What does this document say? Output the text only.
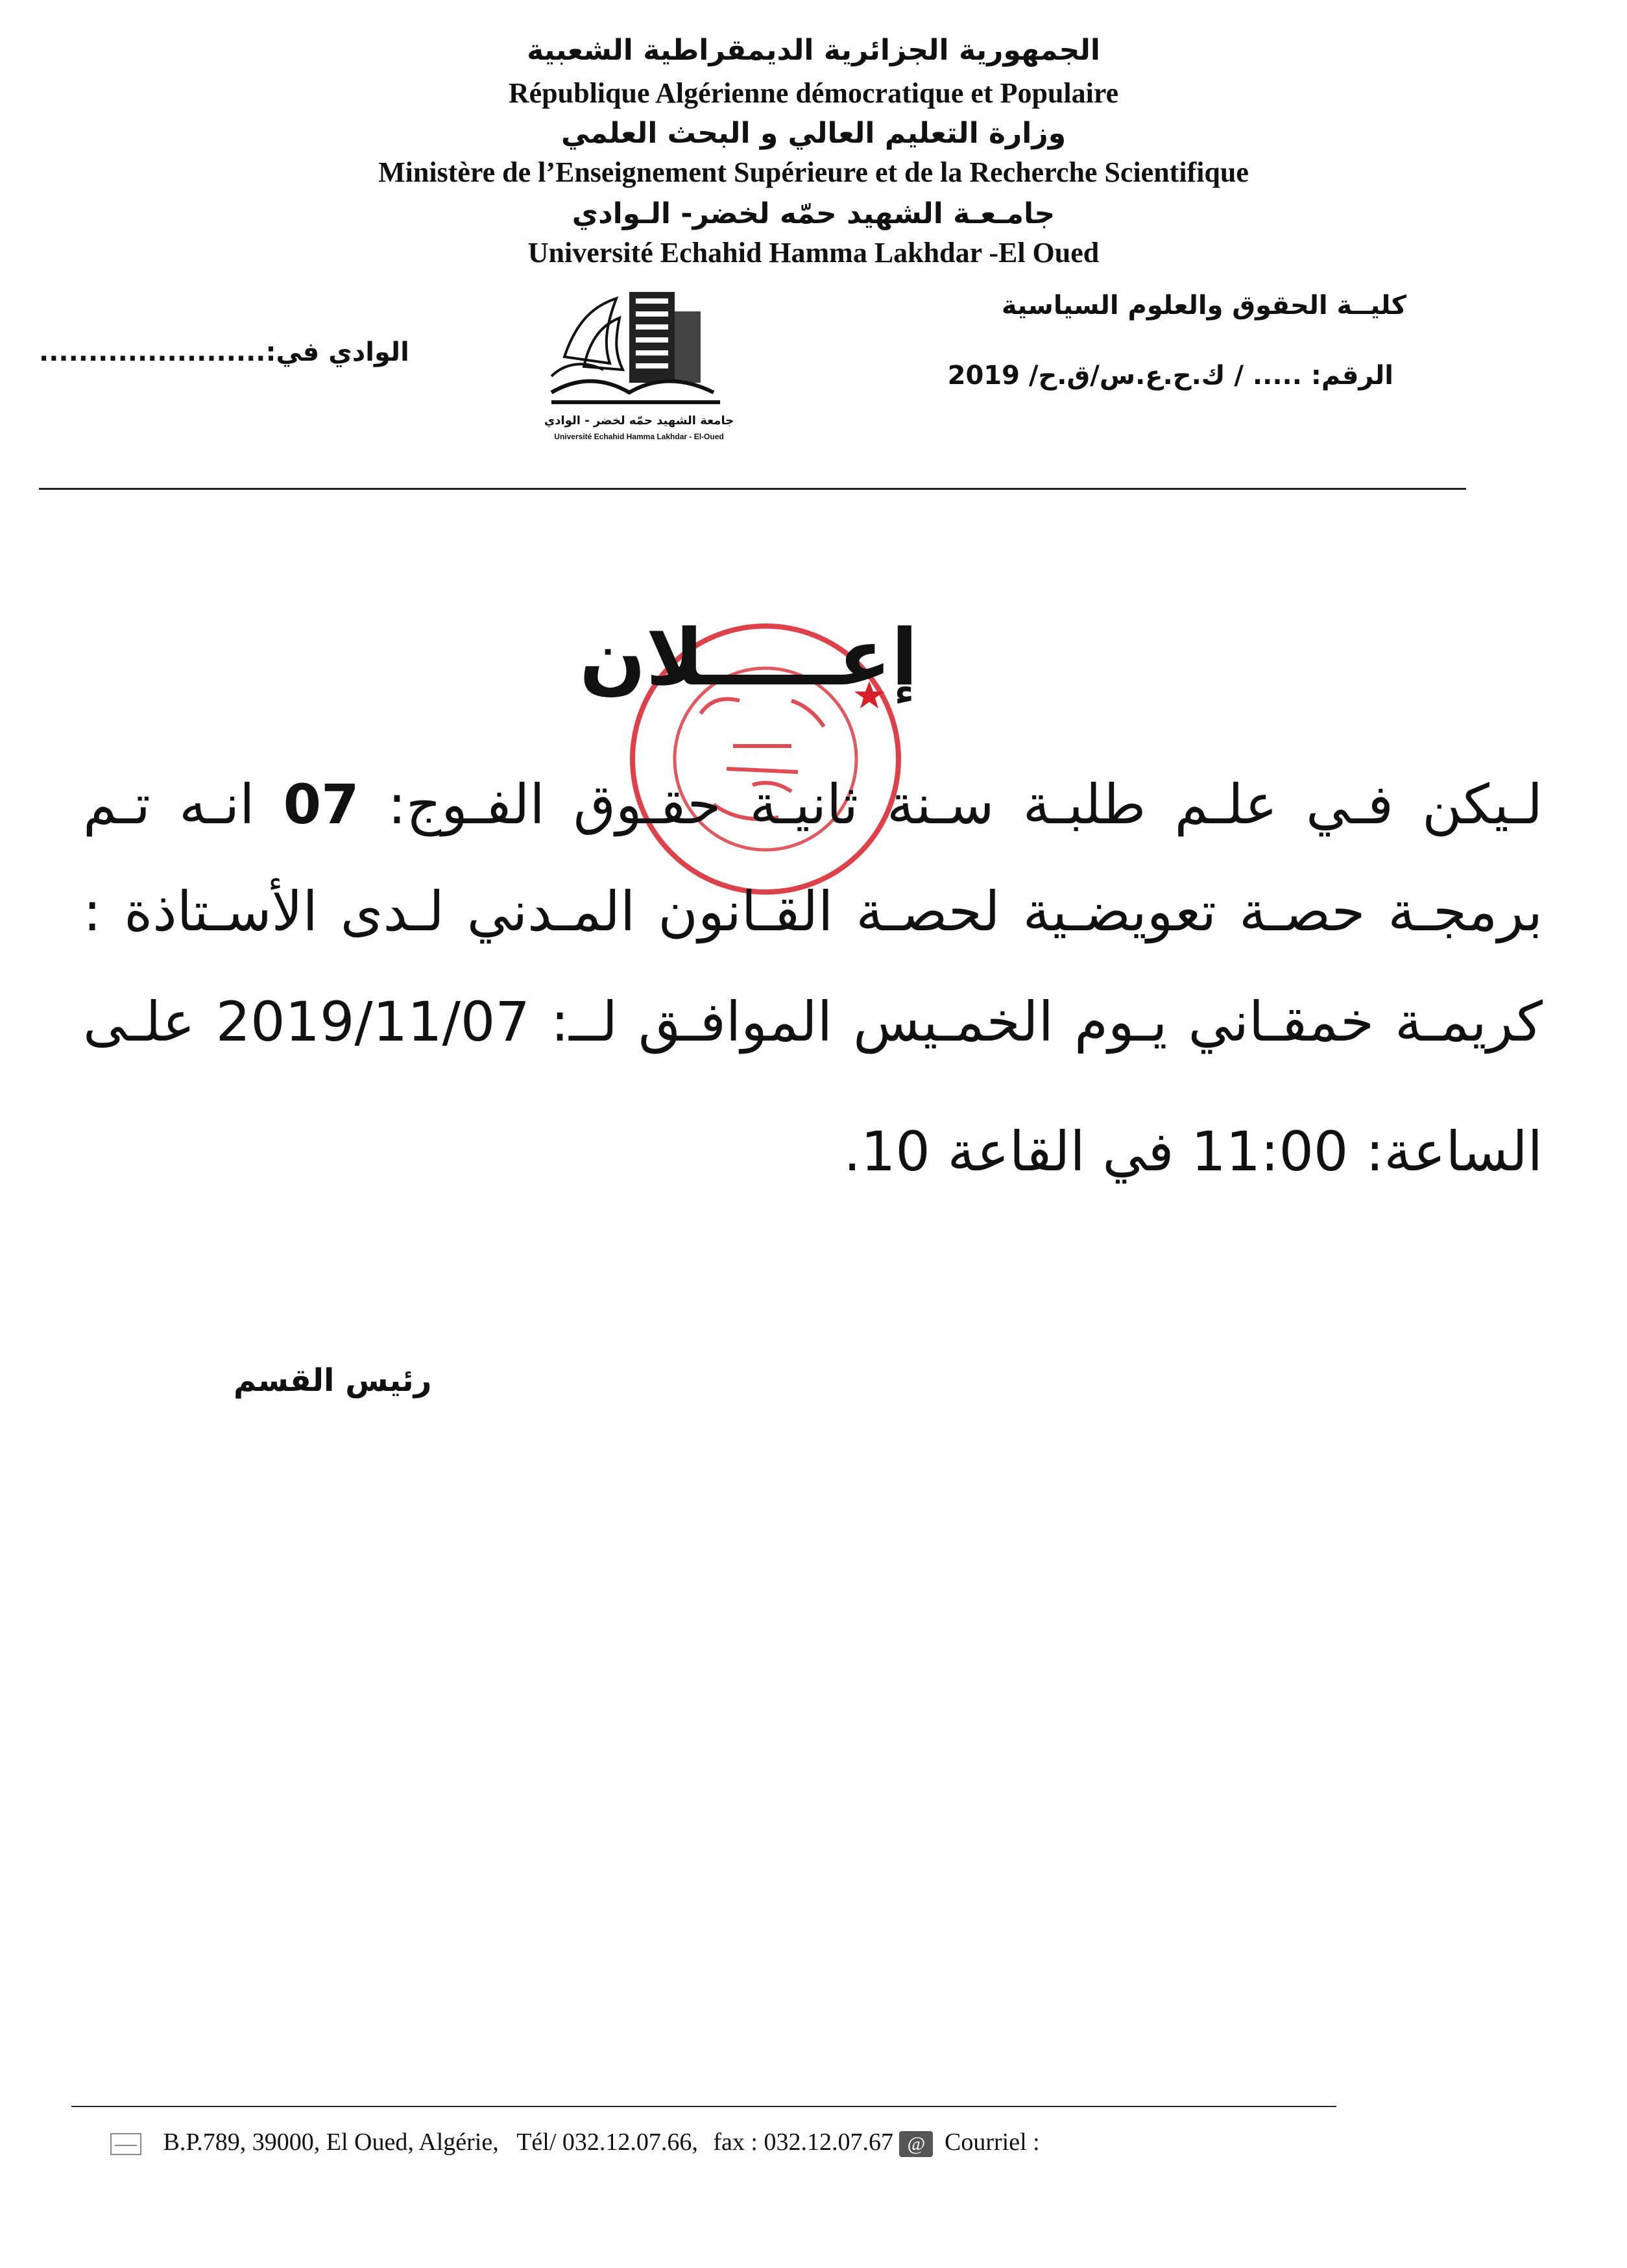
الجمهورية الجزائرية الديمقراطية الشعبية
République Algérienne démocratique et Populaire
وزارة التعليم العالي و البحث العلمي
Ministère de l’Enseignement Supérieure et de la Recherche Scientifique
جامـعـة الشهيد حمّه لخضر- الـوادي
Université Echahid Hamma Lakhdar -El Oued
كليــة الحقوق والعلوم السياسية
الرقم: ..... / ك.ح.ع.س/ق.ح/ 2019
الوادي في:.......................
جامعة الشهيد حمّه لخضر - الوادي
Université Echahid Hamma Lakhdar - El-Oued
إعـــــلان
لـيكن فـي علـم طلبـة سـنة ثانيـة حقـوق الفـوج: 07 انـه تـم
برمجـة حصـة تعويضـية لحصـة القـانون المـدني لـدى الأسـتاذة :
كريمـة خمقـاني يـوم الخمـيس الموافـق لــ: 2019/11/07 علـى
الساعة: 11:00 في القاعة 10.
رئيس القسم
B.P.789, 39000, El Oued, Algérie, Tél/ 032.12.07.66, fax : 032.12.07.67 @ Courriel :
